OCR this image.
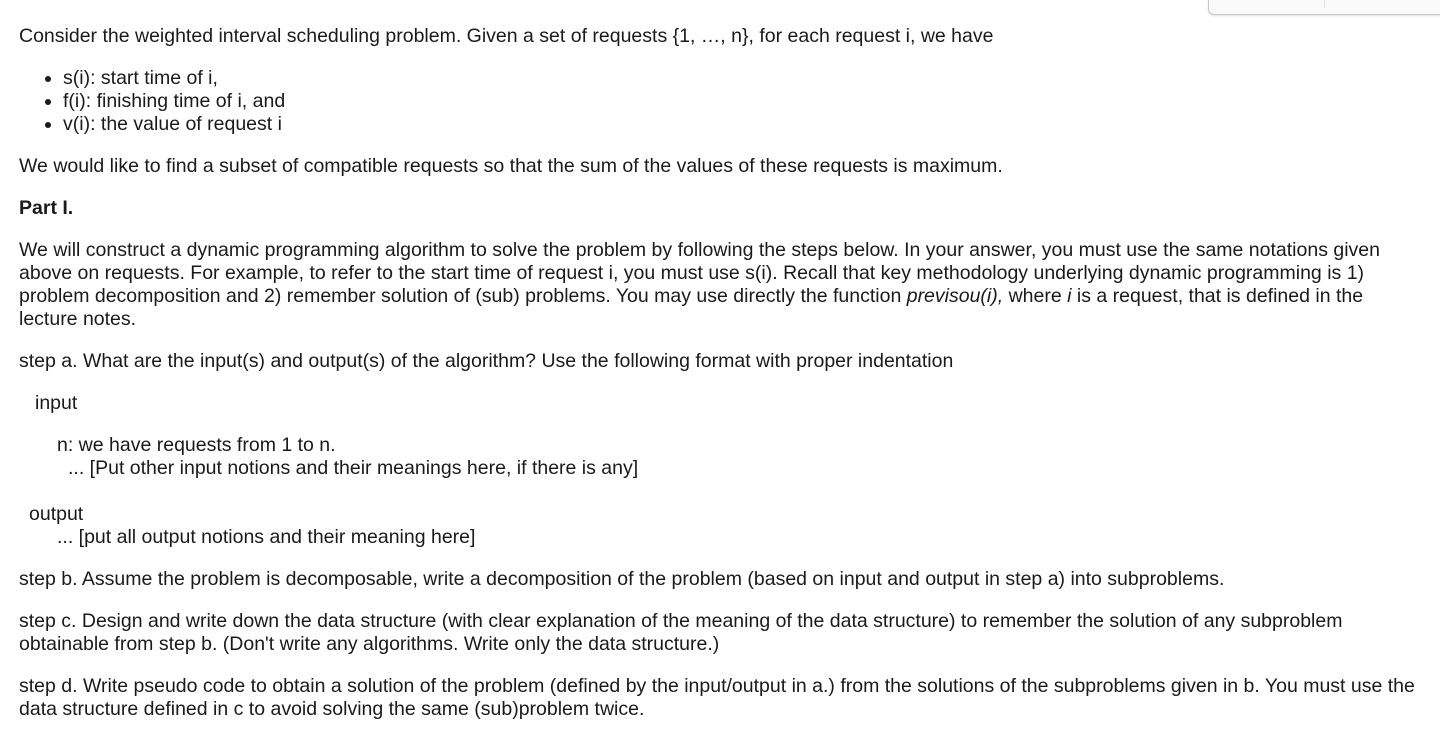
Consider the weighted interval scheduling problem. Given a set of requests {1, …, n}, for each request i, we have

• s(i): start time of i,
• f(i): finishing time of i, and
• v(i): the value of request i

We would like to find a subset of compatible requests so that the sum of the values of these requests is maximum.

Part I.

We will construct a dynamic programming algorithm to solve the problem by following the steps below. In your answer, you must use the same notations given above on requests. For example, to refer to the start time of request i, you must use s(i). Recall that key methodology underlying dynamic programming is 1) problem decomposition and 2) remember solution of (sub) problems. You may use directly the function previsou(i), where i is a request, that is defined in the lecture notes.

step a. What are the input(s) and output(s) of the algorithm? Use the following format with proper indentation

input

n: we have requests from 1 to n.

... [Put other input notions and their meanings here, if there is any]

output

... [put all output notions and their meaning here]

step b. Assume the problem is decomposable, write a decomposition of the problem (based on input and output in step a) into subproblems.

step c. Design and write down the data structure (with clear explanation of the meaning of the data structure) to remember the solution of any subproblem obtainable from step b. (Don't write any algorithms. Write only the data structure.)

step d. Write pseudo code to obtain a solution of the problem (defined by the input/output in a.) from the solutions of the subproblems given in b. You must use the data structure defined in c to avoid solving the same (sub)problem twice.
